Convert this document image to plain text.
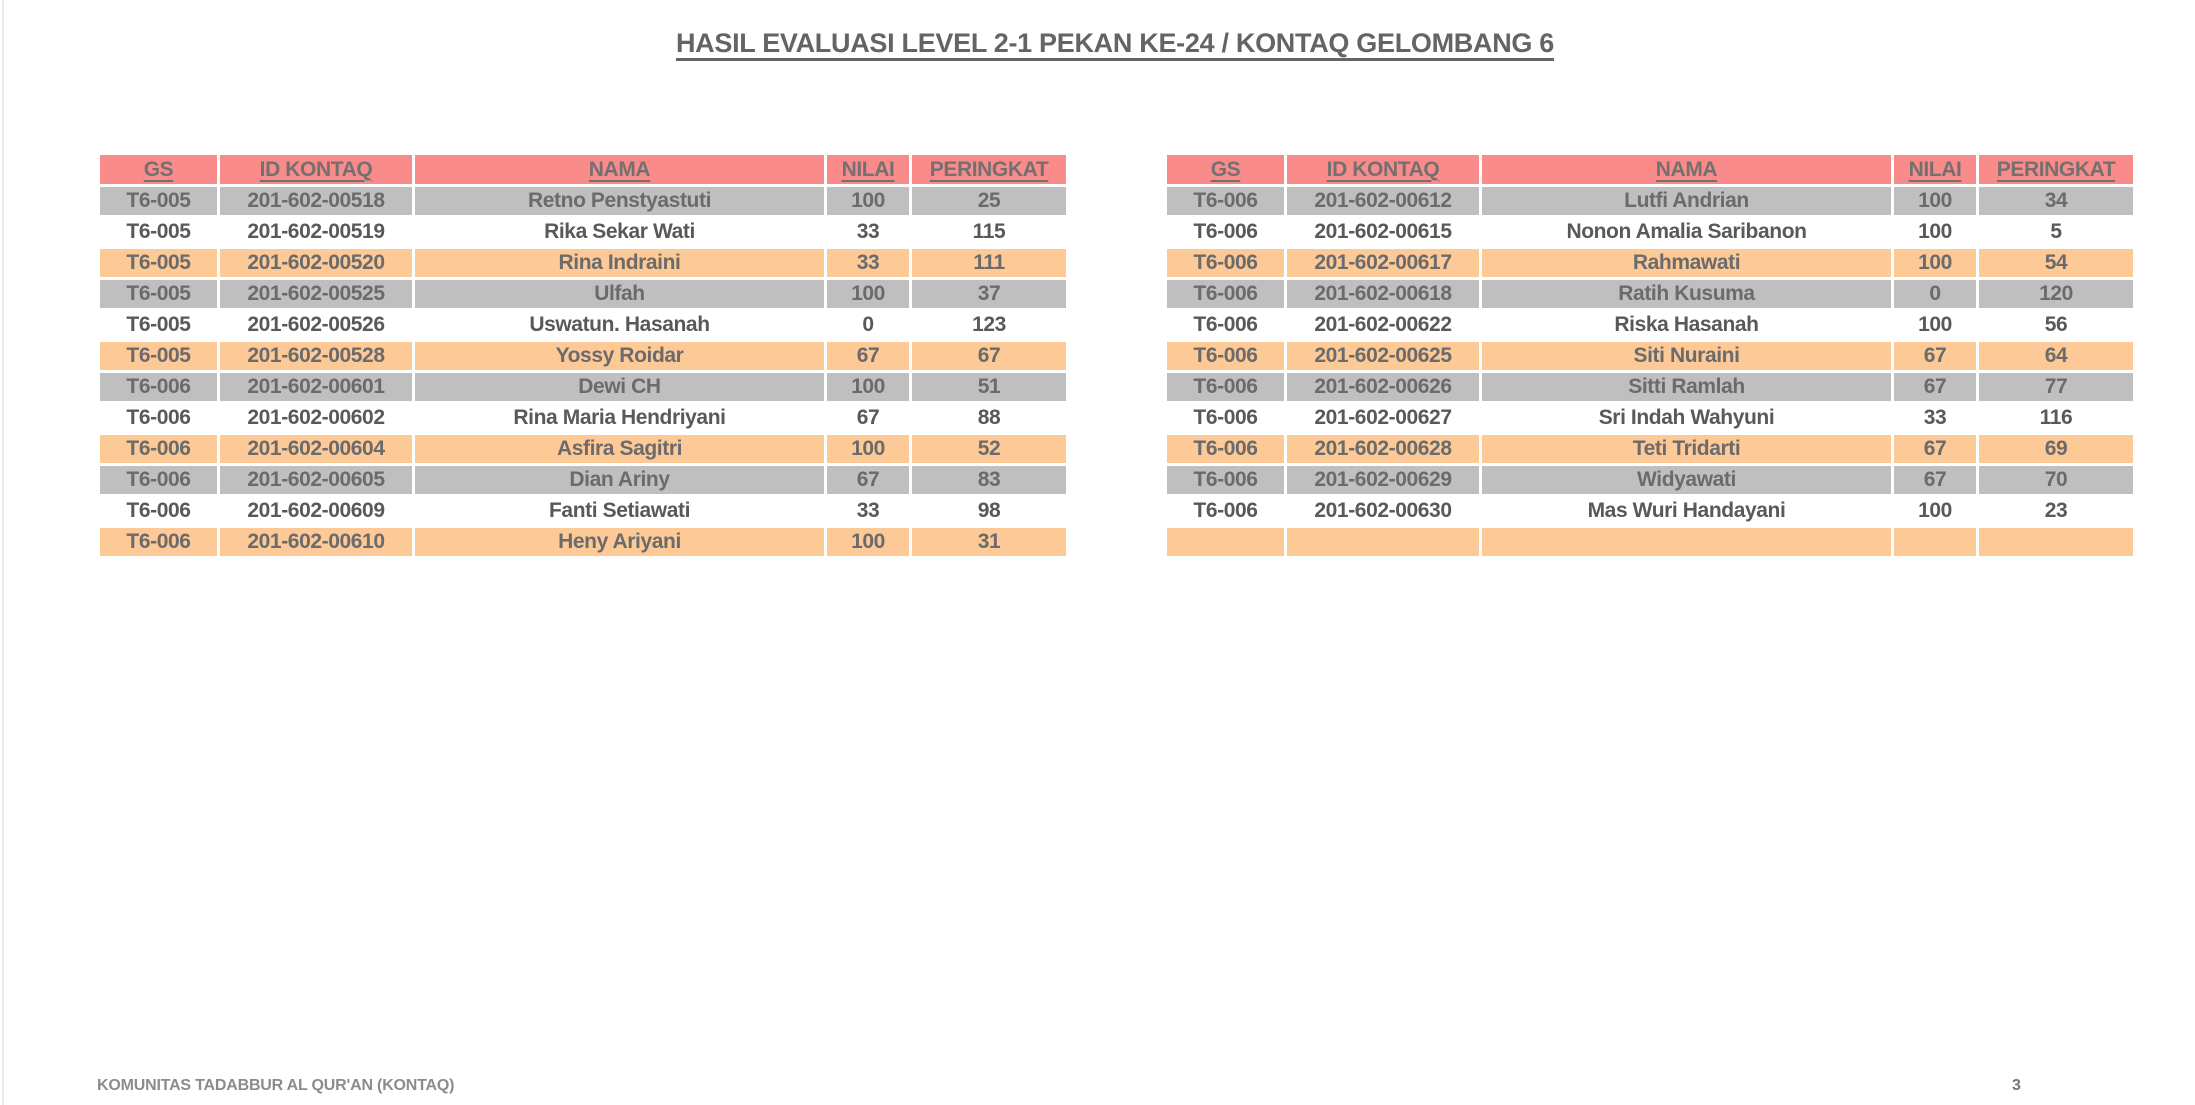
HASIL EVALUASI LEVEL 2-1 PEKAN KE-24 / KONTAQ GELOMBANG 6
GS	ID KONTAQ	NAMA	NILAI	PERINGKAT
T6-005	201-602-00518	Retno Penstyastuti	100	25
T6-005	201-602-00519	Rika Sekar Wati	33	115
T6-005	201-602-00520	Rina Indraini	33	111
T6-005	201-602-00525	Ulfah	100	37
T6-005	201-602-00526	Uswatun. Hasanah	0	123
T6-005	201-602-00528	Yossy Roidar	67	67
T6-006	201-602-00601	Dewi CH	100	51
T6-006	201-602-00602	Rina Maria Hendriyani	67	88
T6-006	201-602-00604	Asfira Sagitri	100	52
T6-006	201-602-00605	Dian Ariny	67	83
T6-006	201-602-00609	Fanti Setiawati	33	98
T6-006	201-602-00610	Heny Ariyani	100	31
GS	ID KONTAQ	NAMA	NILAI	PERINGKAT
T6-006	201-602-00612	Lutfi Andrian	100	34
T6-006	201-602-00615	Nonon Amalia Saribanon	100	5
T6-006	201-602-00617	Rahmawati	100	54
T6-006	201-602-00618	Ratih Kusuma	0	120
T6-006	201-602-00622	Riska Hasanah	100	56
T6-006	201-602-00625	Siti Nuraini	67	64
T6-006	201-602-00626	Sitti Ramlah	67	77
T6-006	201-602-00627	Sri Indah Wahyuni	33	116
T6-006	201-602-00628	Teti Tridarti	67	69
T6-006	201-602-00629	Widyawati	67	70
T6-006	201-602-00630	Mas Wuri Handayani	100	23

KOMUNITAS TADABBUR AL QUR'AN (KONTAQ)	3
